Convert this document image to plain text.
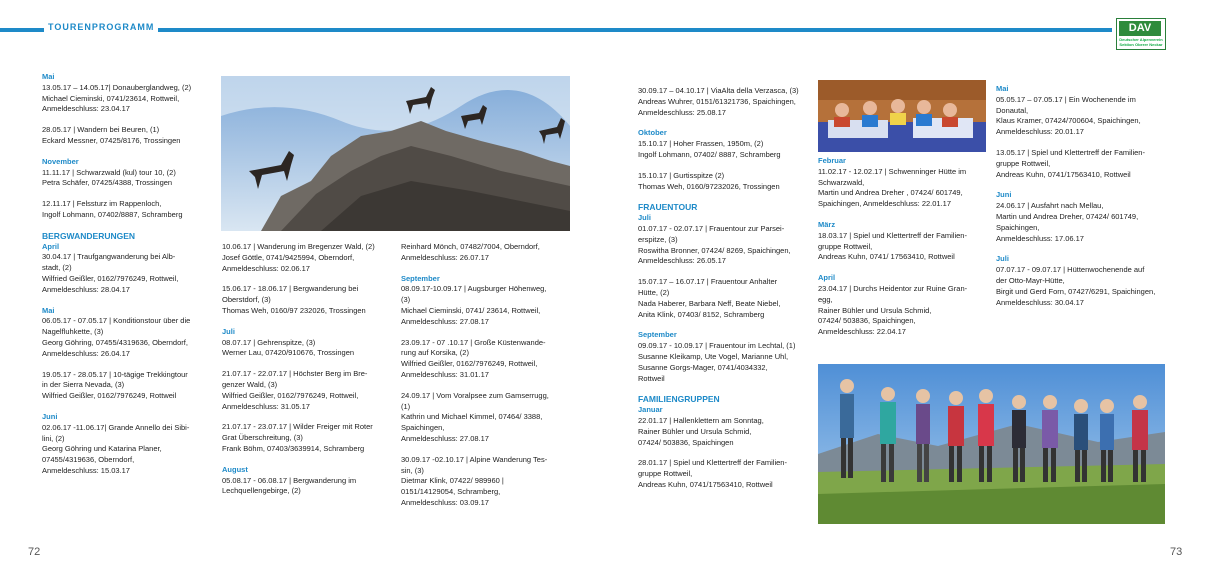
TOURENPROGRAMM
72	73
DAV
Deutscher Alpenverein Sektion Oberer Neckar
Mai
13.05.17 – 14.05.17| Donauberglandweg, (2)
Michael Cieminski, 0741/23614, Rottweil,
Anmeldeschluss: 23.04.17
28.05.17 | Wandern bei Beuren, (1)
Eckard Messner, 07425/8176, Trossingen
November
11.11.17 | Schwarzwald (kul) tour 10, (2)
Petra Schäfer, 07425/4388, Trossingen
12.11.17 | Felssturz im Rappenloch,
Ingolf Lohmann, 07402/8887, Schramberg
BERGWANDERUNGEN
April
30.04.17 | Traufgangwanderung bei Alb-
stadt, (2)
Wilfried Geißler, 0162/7976249, Rottweil,
Anmeldeschluss: 28.04.17
Mai
06.05.17 - 07.05.17 | Konditionstour über die
Nagelfluhkette, (3)
Georg Göhring, 07455/4319636, Oberndorf,
Anmeldeschluss: 26.04.17
19.05.17 - 28.05.17 | 10-tägige Trekkingtour
in der Sierra Nevada, (3)
Wilfried Geißler, 0162/7976249, Rottweil
Juni
02.06.17 -11.06.17| Grande Annello dei Sibi-
lini, (2)
Georg Göhring und Katarina Planer,
07455/4319636, Oberndorf,
Anmeldeschluss: 15.03.17
10.06.17 | Wanderung im Bregenzer Wald, (2)
Josef Göttle, 0741/9425994, Oberndorf,
Anmeldeschluss: 02.06.17
15.06.17 - 18.06.17 | Bergwanderung bei
Oberstdorf, (3)
Thomas Weh, 0160/97 232026, Trossingen
Juli
08.07.17 | Gehrenspitze, (3)
Werner Lau, 07420/910676, Trossingen
21.07.17 - 22.07.17 | Höchster Berg im Bre-
genzer Wald, (3)
Wilfried Geißler, 0162/7976249, Rottweil,
Anmeldeschluss: 31.05.17
21.07.17 - 23.07.17 | Wilder Freiger mit Roter
Grat Überschreitung, (3)
Frank Böhm, 07403/3639914, Schramberg
August
05.08.17 - 06.08.17 | Bergwanderung im
Lechquellengebirge, (2)
Reinhard Mönch, 07482/7004, Oberndorf,
Anmeldeschluss: 26.07.17
September
08.09.17-10.09.17 | Augsburger Höhenweg,
(3)
Michael Cieminski, 0741/ 23614, Rottweil,
Anmeldeschluss: 27.08.17
23.09.17 - 07 .10.17 | Große Küstenwande-
rung auf Korsika, (2)
Wilfried Geißler, 0162/7976249, Rottweil,
Anmeldeschluss: 31.01.17
24.09.17 | Vom Voralpsee zum Gamserrugg,
(1)
Kathrin und Michael Kimmel, 07464/ 3388,
Spaichingen,
Anmeldeschluss: 27.08.17
30.09.17 -02.10.17 | Alpine Wanderung Tes-
sin, (3)
Dietmar Klink, 07422/ 989960 |
0151/14129054, Schramberg,
Anmeldeschluss: 03.09.17
30.09.17 – 04.10.17 | ViaAlta della Verzasca, (3)
Andreas Wuhrer, 0151/61321736, Spaichingen,
Anmeldeschluss: 25.08.17
Oktober
15.10.17 | Hoher Frassen, 1950m, (2)
Ingolf Lohmann, 07402/ 8887, Schramberg
15.10.17 | Gurtisspitze (2)
Thomas Weh, 0160/97232026, Trossingen
FRAUENTOUR
Juli
01.07.17 - 02.07.17 | Frauentour zur Parsei-
erspitze, (3)
Roswitha Bronner, 07424/ 8269, Spaichingen,
Anmeldeschluss: 26.05.17
15.07.17 – 16.07.17 | Frauentour Anhalter
Hütte, (2)
Nada Haberer, Barbara Neff, Beate Niebel,
Anita Klink, 07403/ 8152, Schramberg
September
09.09.17 - 10.09.17 | Frauentour im Lechtal, (1)
Susanne Kleikamp, Ute Vogel, Marianne Uhl,
Susanne Gorgs-Mager, 0741/4034332,
Rottweil
FAMILIENGRUPPEN
Januar
22.01.17 | Hallenklettern am Sonntag,
Rainer Bühler und Ursula Schmid,
07424/ 503836, Spaichingen
28.01.17 | Spiel und Klettertreff der Familien-
gruppe Rottweil,
Andreas Kuhn, 0741/17563410, Rottweil
Februar
11.02.17 - 12.02.17 | Schwenninger Hütte im
Schwarzwald,
Martin und Andrea Dreher , 07424/ 601749,
Spaichingen, Anmeldeschluss: 22.01.17
März
18.03.17 | Spiel und Klettertreff der Familien-
gruppe Rottweil,
Andreas Kuhn, 0741/ 17563410, Rottweil
April
23.04.17 | Durchs Heidentor zur Ruine Gran-
egg,
Rainer Bühler und Ursula Schmid,
07424/ 503836, Spaichingen,
Anmeldeschluss: 22.04.17
Mai
05.05.17 – 07.05.17 | Ein Wochenende im
Donautal,
Klaus Kramer, 07424/700604, Spaichingen,
Anmeldeschluss: 20.01.17
13.05.17 | Spiel und Klettertreff der Familien-
gruppe Rottweil,
Andreas Kuhn, 0741/17563410, Rottweil
Juni
24.06.17 | Ausfahrt nach Mellau,
Martin und Andrea Dreher, 07424/ 601749,
Spaichingen,
Anmeldeschluss: 17.06.17
Juli
07.07.17 - 09.07.17 | Hüttenwochenende auf
der Otto-Mayr-Hütte,
Birgit und Gerd Forn, 07427/6291, Spaichingen,
Anmeldeschluss: 30.04.17
